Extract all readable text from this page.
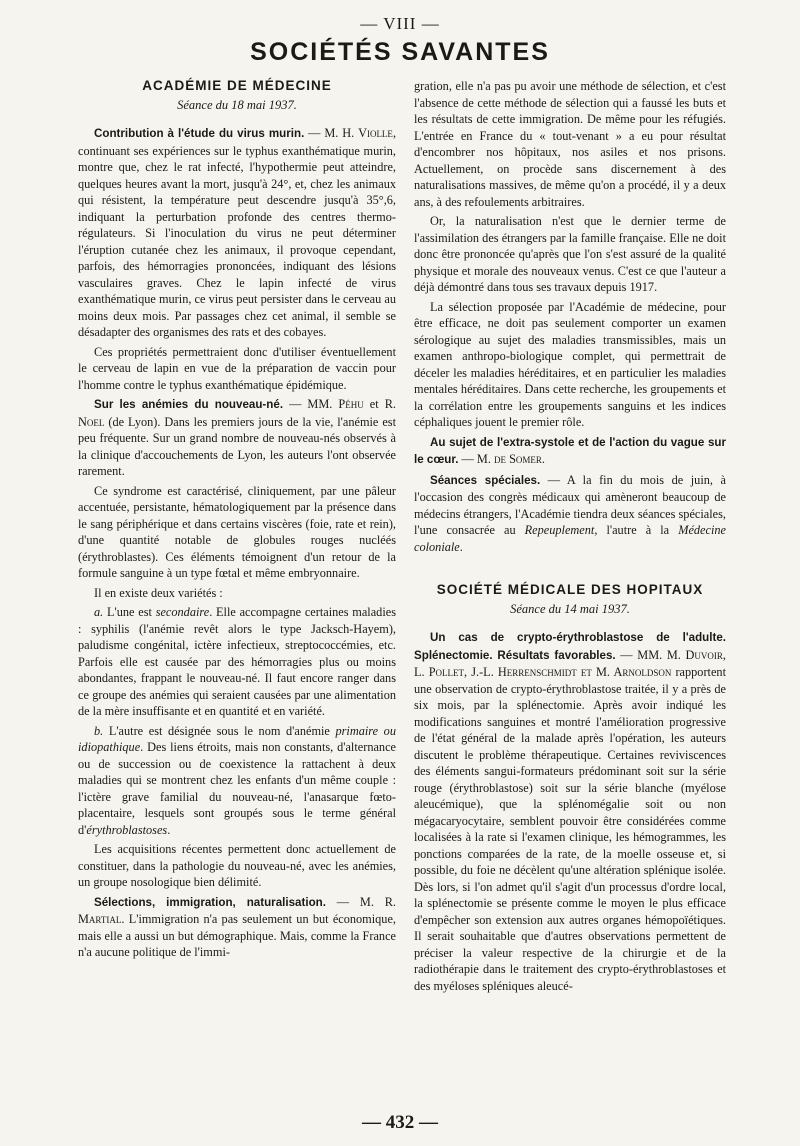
— VIII —
SOCIÉTÉS SAVANTES
ACADÉMIE DE MÉDECINE
Séance du 18 mai 1937.

Contribution à l'étude du virus murin. — M. H. Violle, continuant ses expériences sur le typhus exanthématique murin, montre que, chez le rat infecté, l'hypothermie peut atteindre, quelques heures avant la mort, jusqu'à 24°, et, chez les animaux qui résistent, la température peut descendre jusqu'à 35°,6, indiquant la perturbation profonde des centres thermo-régulateurs. Si l'inoculation du virus ne peut déterminer l'éruption cutanée chez les animaux, il provoque cependant, parfois, des hémorragies prononcées, indiquant des lésions vasculaires graves. Chez le lapin infecté de virus exanthématique murin, ce virus peut persister dans le cerveau au moins deux mois. Par passages chez cet animal, il semble se désadapter des organismes des rats et des cobayes.

Ces propriétés permettraient donc d'utiliser éventuellement le cerveau de lapin en vue de la préparation de vaccin pour l'homme contre le typhus exanthématique épidémique.

Sur les anémies du nouveau-né. — MM. Péhu et R. Noel (de Lyon). Dans les premiers jours de la vie, l'anémie est peu fréquente. Sur un grand nombre de nouveau-nés observés à la clinique d'accouchements de Lyon, les auteurs l'ont observée rarement.

Ce syndrome est caractérisé, cliniquement, par une pâleur accentuée, persistante, hématologiquement par la présence dans le sang périphérique et dans certains viscères (foie, rate et rein), d'une quantité notable de globules rouges nucléés (érythroblastes). Ces éléments témoignent d'un retour de la formule sanguine à un type fœtal et même embryonnaire.

Il en existe deux variétés :

a. L'une est secondaire. Elle accompagne certaines maladies : syphilis (l'anémie revêt alors le type Jacksch-Hayem), paludisme congénital, ictère infectieux, streptococcémies, etc. Parfois elle est causée par des hémorragies plus ou moins abondantes, frappant le nouveau-né. Il faut encore ranger dans ce groupe des anémies qui seraient causées par une alimentation de la mère insuffisante et en quantité et en variété.

b. L'autre est désignée sous le nom d'anémie primaire ou idiopathique. Des liens étroits, mais non constants, d'alternance ou de succession ou de coexistence la rattachent à deux maladies qui se montrent chez les enfants d'un même couple : l'ictère grave familial du nouveau-né, l'anasarque fœto-placentaire, lesquels sont groupés sous le terme général d'érythroblastoses.

Les acquisitions récentes permettent donc actuellement de constituer, dans la pathologie du nouveau-né, avec les anémies, un groupe nosologique bien délimité.

Sélections, immigration, naturalisation. — M. R. Martial. L'immigration n'a pas seulement un but économique, mais elle a aussi un but démographique. Mais, comme la France n'a aucune politique de l'immi-

gration, elle n'a pas pu avoir une méthode de sélection, et c'est l'absence de cette méthode de sélection qui a faussé les buts et les résultats de cette immigration. De même pour les réfugiés. L'entrée en France du « tout-venant » a eu pour résultat d'encombrer nos hôpitaux, nos asiles et nos prisons. Actuellement, on procède sans discernement à des naturalisations massives, de même qu'on a procédé, il y a deux ans, à des refoulements arbitraires.

Or, la naturalisation n'est que le dernier terme de l'assimilation des étrangers par la famille française. Elle ne doit donc être prononcée qu'après que l'on s'est assuré de la qualité physique et morale des nouveaux venus. C'est ce que l'auteur a déjà démontré dans tous ses travaux depuis 1917.

La sélection proposée par l'Académie de médecine, pour être efficace, ne doit pas seulement comporter un examen sérologique au sujet des maladies transmissibles, mais un examen anthropo-biologique complet, qui permettrait de déceler les maladies héréditaires, et en particulier les maladies mentales héréditaires. Dans cette recherche, les groupements et la corrélation entre les groupements sanguins et les indices céphaliques jouent le premier rôle.

Au sujet de l'extra-systole et de l'action du vague sur le cœur. — M. de Somer.

Séances spéciales. — A la fin du mois de juin, à l'occasion des congrès médicaux qui amèneront beaucoup de médecins étrangers, l'Académie tiendra deux séances spéciales, l'une consacrée au Repeuplement, l'autre à la Médecine coloniale.

SOCIÉTÉ MÉDICALE DES HOPITAUX
Séance du 14 mai 1937.

Un cas de crypto-érythroblastose de l'adulte. Splénectomie. Résultats favorables. — MM. M. Duvoir, L. Pollet, J.-L. Herrenschmidt et M. Arnoldson rapportent une observation de crypto-érythroblastose traitée, il y a près de six mois, par la splénectomie. Après avoir indiqué les modifications sanguines et montré l'amélioration progressive de l'état général de la malade après l'opération, les auteurs discutent le problème thérapeutique. Certaines reviviscences des éléments sangui-formateurs prédominant soit sur la série rouge (érythroblastose) soit sur la série blanche (myélose aleucémique), que la splénomégalie soit ou non mégacaryocytaire, semblent pouvoir être considérées comme localisées à la rate si l'examen clinique, les hémogrammes, les ponctions comparées de la rate, de la moelle osseuse et, si possible, du foie ne décèlent qu'une altération splénique isolée. Dès lors, si l'on admet qu'il s'agit d'un processus d'ordre local, la splénectomie se présente comme le moyen le plus efficace d'empêcher son extension aux autres organes hémopoïétiques. Il serait souhaitable que d'autres observations permettent de préciser la valeur respective de la chirurgie et de la radiothérapie dans le traitement des crypto-érythroblastoses et des myéloses spléniques aleucé-

— 432 —
